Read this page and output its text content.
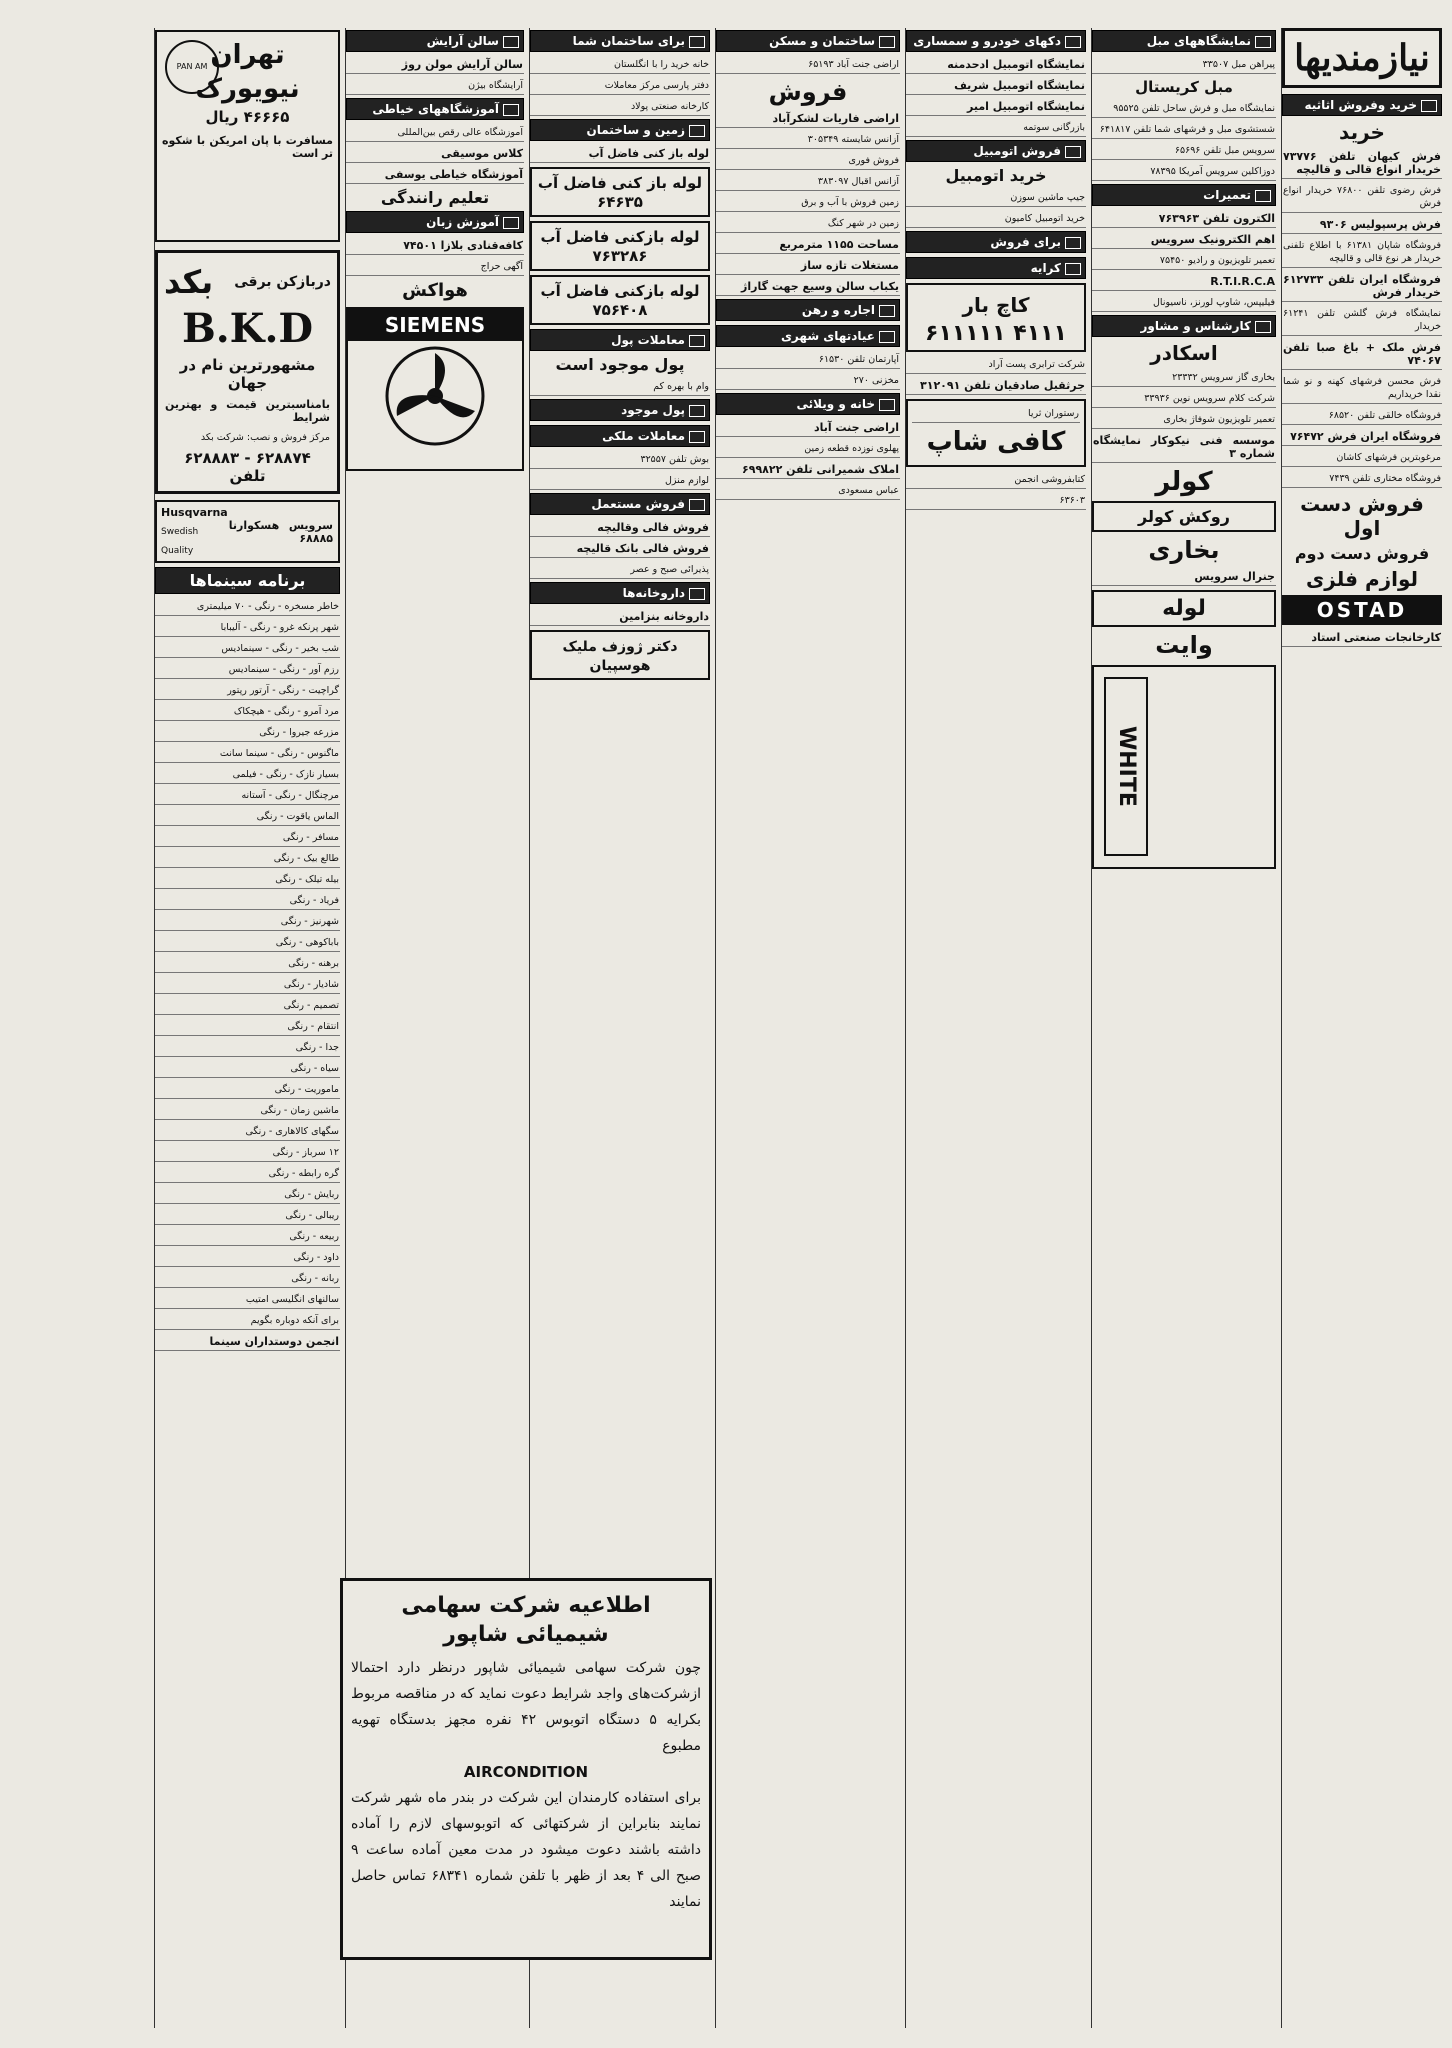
نیازمندیها
خرید وفروش اثاثیه
خرید
فرش کیهان تلفن ۷۳۷۷۶ خریدار انواع قالی و قالیچه
فرش رضوی تلفن ۷۶۸۰۰ خریدار انواع فرش
فرش پرسپولیس ۹۳۰۶
فروشگاه شاپان ۶۱۳۸۱ با اطلاع تلفنی خریدار هر نوع قالی و قالیچه
فروشگاه ایران تلفن ۶۱۲۷۳۳ خریدار فرش
نمایشگاه فرش گلشن تلفن ۶۱۲۴۱ خریدار
فرش ملک + باغ صبا تلفن ۷۴۰۶۷
فرش محسن فرشهای کهنه و نو شما نقدا خریداریم
فروشگاه خالقی تلفن ۶۸۵۲۰
فروشگاه ایران فرش ۷۶۴۷۲
مرغوبترین فرشهای کاشان
فروشگاه مختاری تلفن ۷۴۳۹
فروش دست اول
فروش دست دوم
لوازم فلزی
OSTAD
کارخانجات صنعتی استاد
نمایشگاههای مبل
پیراهن مبل ۳۳۵۰۷
مبل کریستال
نمایشگاه مبل و فرش ساحل تلفن ۹۵۵۲۵
شستشوی مبل و فرشهای شما تلفن ۶۴۱۸۱۷
سرویس مبل تلفن ۶۵۶۹۶
دوزاکلین سرویس آمریکا ۷۸۳۹۵
تعمیرات
الکترون تلفن ۷۶۳۹۶۳
اهم الکترونیک سرویس
تعمیر تلویزیون و رادیو ۷۵۴۵۰
R.T.I.R.C.A
فیلیپس، شاوپ لورنز، ناسیونال
کارشناس و مشاور
اسکادر
بخاری گاز سرویس ۲۳۳۳۲
شرکت کلام سرویس نوین ۳۳۹۳۶
تعمیر تلویزیون شوفاژ بخاری
موسسه فنی نیکوکار نمایشگاه شماره ۳
کولر
روکش کولر
بخاری
جنرال سرویس
لوله
وایت
WHITE
دکهای خودرو و سمساری
نمایشگاه اتومبیل ادحدمنه
نمایشگاه اتومبیل شریف
نمایشگاه اتومبیل امیر
بازرگانی سوتمه
فروش اتومبیل
خرید اتومبیل
جیپ ماشین سوزن
خرید اتومبیل کامیون
برای فروش
کرایه
کاچ بار
۴۱۱۱ ۶۱۱۱۱۱
شرکت ترابری پست آراد
جرثقیل صادقیان تلفن ۳۱۲۰۹۱
رستوران ثریا
کافی شاپ
کتابفروشی انجمن
۶۳۶۰۳
ساختمان و مسکن
اراضی جنت آباد ۶۵۱۹۳
فروش
اراضی فاریات لشکرآباد
آزانس شایسته ۳۰۵۳۴۹
فروش فوری
آزانس اقبال ۳۸۳۰۹۷
زمین فروش با آب و برق
زمین در شهر کنگ
مساحت ۱۱۵۵ مترمربع
مستغلات تازه ساز
یکباب سالن وسیع جهت گاراژ
اجاره و رهن
عیادتهای شهری
آپارتمان تلفن ۶۱۵۳۰
مخزنی ۲۷۰
خانه و ویلائی
اراضی جنت آباد
پهلوی نوزده قطعه زمین
املاک شمیرانی تلفن ۶۹۹۸۲۲
عباس مسعودی
برای ساختمان شما
خانه خرید را با انگلستان
دفتر پارسی مرکز معاملات
کارخانه صنعتی پولاد
زمین و ساختمان
لوله باز کنی فاضل آب
لوله باز کنی فاضل آب ۶۴۶۳۵
لوله بازکنی فاضل آب ۷۶۳۲۸۶
لوله بازکنی فاضل آب ۷۵۶۴۰۸
معاملات پول
پول موجود است
وام با بهره کم
پول موجود
معاملات ملکی
بوش تلفن ۳۲۵۵۷
لوازم منزل
فروش مستعمل
فروش فالی وقالیچه
فروش فالی بانک قالیچه
پذیرائی صبح و عصر
داروخانه‌ها
داروخانه بنزامین
دکتر ژوزف ملیک هوسپیان
سالن آرایش
سالن آرایش مولن روژ
آرایشگاه بیژن
آموزشگاههای خیاطی
آموزشگاه عالی رقص بین‌المللی
کلاس موسیقی
آموزشگاه خیاطی یوسفی
تعلیم رانندگی
آموزش زبان
کافه‌قنادی بلازا ۷۴۵۰۱
آگهی حراج
هواکش
SIEMENS
تهران
نیویورک
۴۶۶۶۵ ریال
PAN AM
مسافرت با پان امریکن با شکوه تر است
دربازکن برقی
بکد
B.K.D
مشهورترین نام در جهان
بامناسبترین قیمت و بهترین شرایط
مرکز فروش و نصب: شرکت بکد
۶۲۸۸۷۴ - ۶۲۸۸۸۳ تلفن
سرویس هسکوارنا ۶۸۸۸۵
Husqvarna
Swedish Quality
برنامه سینماها
خاطر مسخره - رنگی - ۷۰ میلیمتری
شهر پرنکه غرو - رنگی - آلیبابا
شب بخیر - رنگی - سینمادیس
رزم آور - رنگی - سینمادیس
گراچیت - رنگی - آرتور رپتور
مرد آمرو - رنگی - هیچکاک
مزرعه جیروا - رنگی
ماگنوس - رنگی - سینما سانت
بسیار نازک - رنگی - فیلمی
مرچنگال - رنگی - آستانه
الماس یاقوت - رنگی
مسافر - رنگی
طالع بیک - رنگی
بیله تیلک - رنگی
فریاد - رنگی
شهرنیز - رنگی
باباکوهی - رنگی
برهنه - رنگی
شادیار - رنگی
تصمیم - رنگی
انتقام - رنگی
جدا - رنگی
سیاه - رنگی
ماموریت - رنگی
ماشین زمان - رنگی
سگهای کالاهاری - رنگی
۱۲ سرباز - رنگی
گره رابطه - رنگی
ربایش - رنگی
ریبالی - رنگی
ربیعه - رنگی
داود - رنگی
ربانه - رنگی
سالنهای انگلیسی امتیب
برای آنکه دوباره بگویم
انجمن دوستداران سینما
اطلاعیه شرکت سهامی
شیمیائی شاپور
چون شرکت سهامی شیمیائی شاپور درنظر دارد احتمالا ازشرکت‌های واجد شرایط دعوت نماید که در مناقصه مربوط بکرایه ۵ دستگاه اتوبوس ۴۲ نفره مجهز بدستگاه تهویه مطبوع
AIRCONDITION
برای استفاده کارمندان این شرکت در بندر ماه شهر شرکت نمایند بنابراین از شرکتهائی که اتوبوسهای لازم را آماده داشته باشند دعوت میشود در مدت معین آماده ساعت ۹ صبح الی ۴ بعد از ظهر با تلفن شماره ۶۸۳۴۱ تماس حاصل نمایند
